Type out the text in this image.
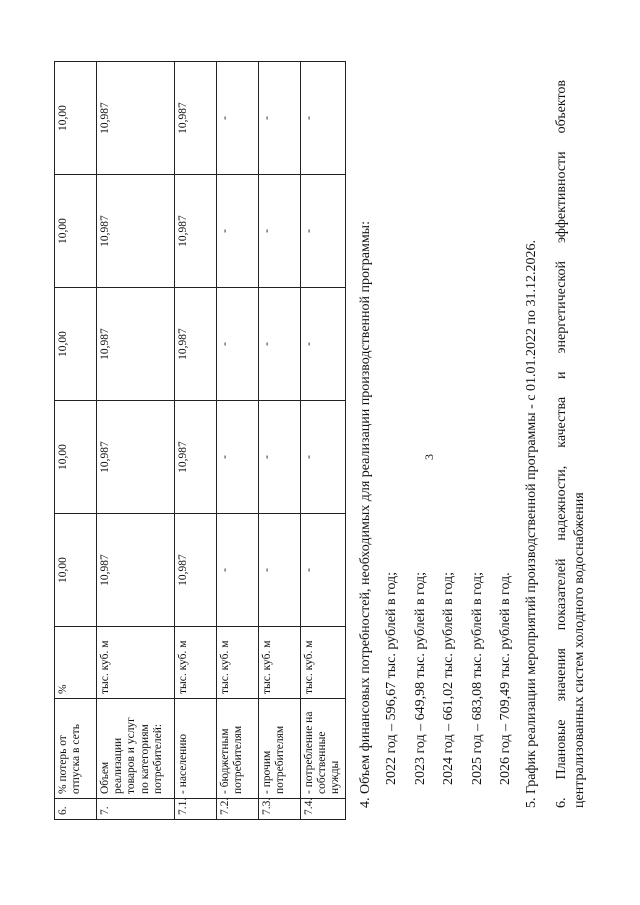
3
6.	% потерь от отпуска в сеть	%	10,00	10,00	10,00	10,00	10,00
7.	Объем реализации товаров и услуг по категориям потребителей:	тыс. куб. м	10,987	10,987	10,987	10,987	10,987
7.1.	- населению	тыс. куб. м	10,987	10,987	10,987	10,987	10,987
7.2.	- бюджетным потребителям	тыс. куб. м	-	-	-	-	-
7.3.	- прочим потребителям	тыс. куб. м	-	-	-	-	-
7.4.	- потребление на собственные нужды	тыс. куб. м	-	-	-	-	-
4. Объем финансовых потребностей, необходимых для реализации производственной программы: 2022 год – 596,67 тыс. рублей в год; 2023 год – 649,98 тыс. рублей в год; 2024 год – 661,02 тыс. рублей в год; 2025 год – 683,08 тыс. рублей в год; 2026 год – 709,49 тыс. рублей в год. 5. График реализации мероприятий производственной программы - с 01.01.2022 по 31.12.2026. 6. Плановые значения показателей надежности, качества и энергетической эффективности объектов централизованных систем холодного водоснабжения
